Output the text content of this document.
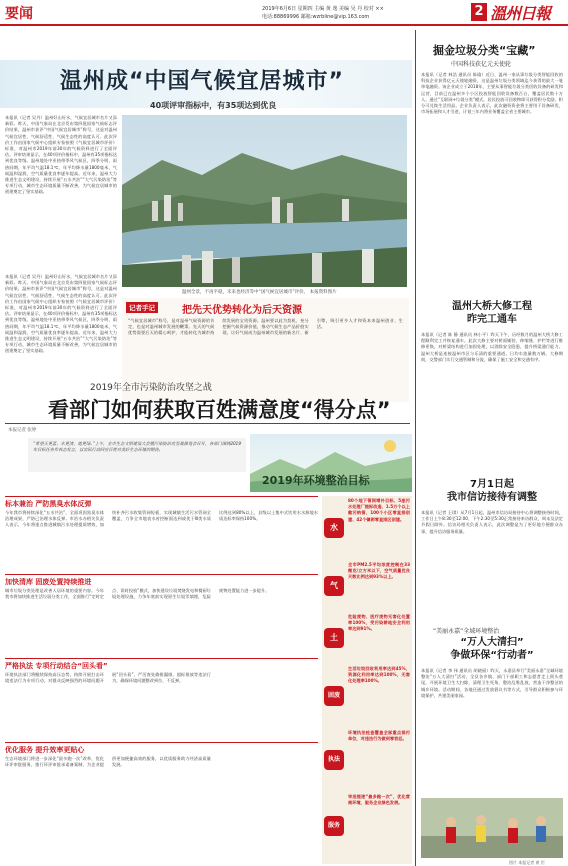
要闻	2019年6月6日 星期四 主编 黄 逸 美编 吴 丹 校对 ××
电话:88869996 邮箱:wzrbline@vip.163.com	2 溫州日報
温州成“中国气候宜居城市”
40项评审指标中，有35项达到优良
本报讯（记者 吴丹）温州好山好水，气候宜居城市名片又添新彩。昨天，中国气象局在北京发布第四批国家气候标志评价结果，温州市获评“中国气候宜居城市”称号，这是对温州气候宜居性、气候舒适性、气候生态性的高度认可。此次评价工作由国家气候中心组织专家按照《气候宜居城市评价》标准，对温州市2019年前30年的气候资料进行了全面评估。评审结果显示，在40项评价指标中，温州有35项指标达到优良等级。温州地处中亚热带季风气候区，四季分明、雨热同期，年平均气温18.1℃，年平均降水量1800毫米，气候温和湿润，空气质量优良率逐年提高。近年来，温州大力推进生态文明建设，持续开展“五水共治”“大气污染防治”等专项行动，城市生态环境质量不断改善，为气候宜居城市的创建奠定了坚实基础。
温州全景，不再平稳，未来也经济等中“国气候宜居城市”评价。 本报资料图片
记者手记	把先天优势转化为后天资源
“气候宜居城市”称号，是对温州气候资源的肯定，也是对温州城市发展的鞭策。先天的气候优势需要后天的精心呵护，才能转化为城市持续发展的宝贵资源。温州要以此为契机，充分挖掘气候资源价值，推动气候生态产品价值实现，让好气候成为温州城市发展的新名片、新引擎，吸引更多人才和资本来温州创业、生活。
本报讯（记者 吴丹）温州好山好水，气候宜居城市名片又添新彩。昨天，中国气象局在北京发布第四批国家气候标志评价结果，温州市获评“中国气候宜居城市”称号，这是对温州气候宜居性、气候舒适性、气候生态性的高度认可。此次评价工作由国家气候中心组织专家按照《气候宜居城市评价》标准，对温州市2019年前30年的气候资料进行了全面评估。评审结果显示，在40项评价指标中，温州有35项指标达到优良等级。温州地处中亚热带季风气候区，四季分明、雨热同期，年平均气温18.1℃，年平均降水量1800毫米，气候温和湿润，空气质量优良率逐年提高。近年来，温州大力推进生态文明建设，持续开展“五水共治”“大气污染防治”等专项行动，城市生态环境质量不断改善，为气候宜居城市的创建奠定了坚实基础。
2019年全市污染防治攻坚之战
看部门如何获取百姓满意度“得分点”
本报记者 张婷
“希望天更蓝、水更清、地更绿。”上午，全市生态文明建设大会暨污染防治攻坚战推进会召开，各部门围绕2019年目标任务作表态发言，以实际行动回应百姓对美好生态环境的期待。
2019年环境整治目标
标本兼治 严防黑臭水体反弹
今年我市将持续深化“五水共治”，全面巩固黑臭水体治理成果，严防已治理水体反弹。市治水办相关负责人表示，今年将重点推进城镇污水处理提质增效，加快补齐污水收集管网短板，实现城镇生活污水管网全覆盖，力争全市地表水省控断面达到或优于Ⅲ类水质比例达到80%以上，县级以上集中式饮用水水源地水质达标率保持100%。
加快清库 固废处置持续推进
城市垃圾分类处理是改善人居环境的重要内容。今年我市将加快推进生活垃圾分类工作，全面推行“定时定点、误时投放”模式，加快建设垃圾焚烧发电和餐厨垃圾处理设施，力争年底前实现原生垃圾零填埋，危险废物处置能力进一步提升。
严格执法 专项行动结合“回头看”
环境执法部门将继续保持高压态势，持续开展打击环境违法行为专项行动，对群众反映强烈的环境问题开展“回头看”，严厉查处偷排漏排、超标排放等违法行为，确保环境问题整改到位、不反弹。
优化服务 提升效率更贴心
生态环境部门将进一步深化“最多跑一次”改革，优化环评审批服务，推行环评审批承诺备案制，为企业提供更加便捷高效的服务，以优质服务助力经济高质量发展。
水
80个地下管网增补目标、5座污水处理厂提标改造、1.5万个以上截污纳管、100个小区零直排创建、42个镇街零直排区创建。
气
全市PM2.5平均浓度控制在33微克/立方米以下，空气质量优良天数比例达到93%以上。
土
危险废物、医疗废物无害化处置率100%，受污染耕地安全利用率达到91%。
固废
生活垃圾回收利用率达到45%，资源化利用率达到100%，无害化处理率100%。
执法
环境执法检查覆盖全部重点排污单位，对违法行为做到零容忍。
服务
审批提速“最多跑一次”，优化营商环境，服务企业绿色发展。
掘金垃圾分类“宝藏”
中国科技获亿元天使轮
本报讯（记者 林浩 通讯员 陈瑜）近日，温州一家从事垃圾分类智能回收的科技企业获得亿元天使轮融资，这是温州垃圾分类领域迄今获得的最大一笔单笔融资。该企业成立于2018年，主要从事智能垃圾分类回收设备的研发和运营，目前已在温州多个小区投放智能回收设备数百台，覆盖居民数十万人。通过“互联网+垃圾分类”模式，居民投放可回收物即可获得积分奖励，积分可兑换生活用品。企业负责人表示，此次融资资金将主要用于设备研发、市场拓展和人才引进，计划三年内将业务覆盖全省主要城市。
温州大桥大修工程
昨完工通车
本报讯（记者 陈 静 通讯员 林小平）昨天下午，历经数月的温州大桥大修工程顺利完工并恢复通车。此次大修主要对桥面铺装、伸缩缝、护栏等进行维修更换，对桥梁结构进行加固处理，以消除安全隐患，提升桥梁通行能力。温州大桥是连接温州市区与乐清的重要通道，日均车流量数万辆。大修期间，交警部门实行交通管制和分流，确保了施工安全和交通有序。
7月1日起
我市信访接待有调整
本报讯（记者 王琪）从7月1日起，温州市信访局接待中心将调整接待时间，工作日上午8:30至12:00、下午2:30至5:30正常接待来访群众，周末及法定节假日除外。信访局相关负责人表示，此次调整是为了更好地方便群众办事，提升信访服务质量。
“美丽永嘉”全域环境整治
“万人大清扫”
争做环保“行动者”
本报讯（记者 李 伟 通讯员 胡晓丽）昨天，永嘉县举行“美丽永嘉”全域环境整治“万人大清扫”活动，全县各乡镇、部门干部职工和志愿者走上街头巷尾，开展环境卫生大扫除，清理卫生死角、整治乱堆乱放，营造干净整洁的城乡环境。活动期间，各地还通过发放倡议书等方式，引导群众积极参与环境保护，共建美丽家园。
图片 本报记者 黄 臣
